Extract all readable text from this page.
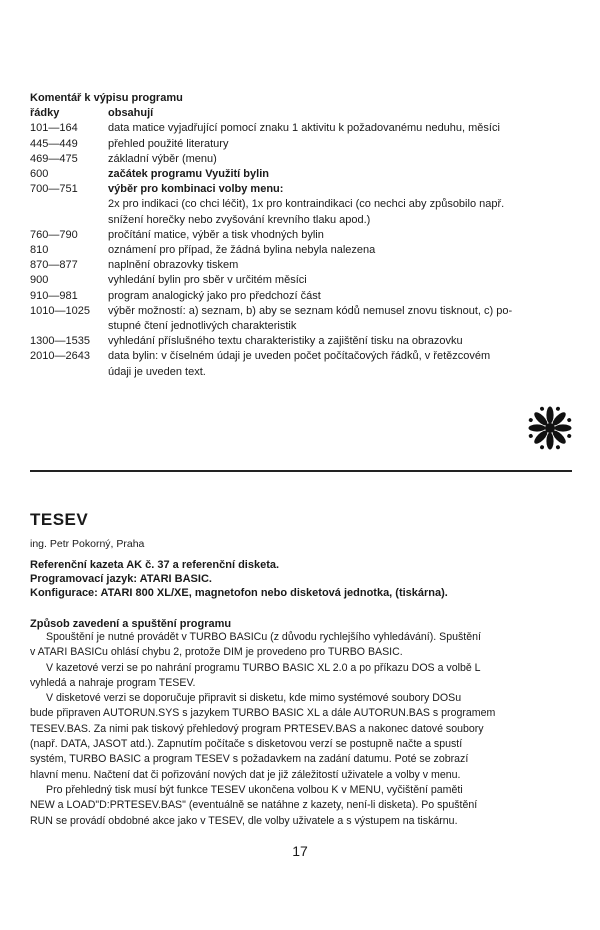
Komentář k výpisu programu
řádky	obsahují
101—164	data matice vyjadřující pomocí znaku 1 aktivitu k požadovanému neduhu, měsíci
445—449	přehled použité literatury
469—475	základní výběr (menu)
600	začátek programu Využití bylin
700—751	výběr pro kombinaci volby menu:
2x pro indikaci (co chci léčit), 1x pro kontraindikaci (co nechci aby způsobilo např.
snížení horečky nebo zvyšování krevního tlaku apod.)
760—790	pročítání matice, výběr a tisk vhodných bylin
810	oznámení pro případ, že žádná bylina nebyla nalezena
870—877	naplnění obrazovky tiskem
900	vyhledání bylin pro sběr v určitém měsíci
910—981	program analogický jako pro předchozí část
1010—1025	výběr možností: a) seznam, b) aby se seznam kódů nemusel znovu tisknout, c) po-
stupné čtení jednotlivých charakteristik
1300—1535	vyhledání příslušného textu charakteristiky a zajištění tisku na obrazovku
2010—2643	data bylin: v číselném údaji je uveden počet počítačových řádků, v řetězcovém
údaji je uveden text.
TESEV
ing. Petr Pokorný, Praha
Referenční kazeta AK č. 37 a referenční disketa.
Programovací jazyk: ATARI BASIC.
Konfigurace: ATARI 800 XL/XE, magnetofon nebo disketová jednotka, (tiskárna).
Způsob zavedení a spuštění programu
Spouštění je nutné provádět v TURBO BASICu (z důvodu rychlejšího vyhledávání). Spuštění
v ATARI BASICu ohlásí chybu 2, protože DIM je provedeno pro TURBO BASIC.
V kazetové verzi se po nahrání programu TURBO BASIC XL 2.0 a po příkazu DOS a volbě L
vyhledá a nahraje program TESEV.
V disketové verzi se doporučuje připravit si disketu, kde mimo systémové soubory DOSu
bude připraven AUTORUN.SYS s jazykem TURBO BASIC XL a dále AUTORUN.BAS s programem
TESEV.BAS. Za nimi pak tiskový přehledový program PRTESEV.BAS a nakonec datové soubory
(např. DATA, JASOT atd.). Zapnutím počítače s disketovou verzí se postupně načte a spustí
systém, TURBO BASIC a program TESEV s požadavkem na zadání datumu. Poté se zobrazí
hlavní menu. Načtení dat či pořizování nových dat je již záležitostí uživatele a volby v menu.
Pro přehledný tisk musí být funkce TESEV ukončena volbou K v MENU, vyčištění paměti
NEW a LOAD"D:PRTESEV.BAS" (eventuálně se natáhne z kazety, není-li disketa). Po spuštění
RUN se provádí obdobné akce jako v TESEV, dle volby uživatele a s výstupem na tiskárnu.
17
